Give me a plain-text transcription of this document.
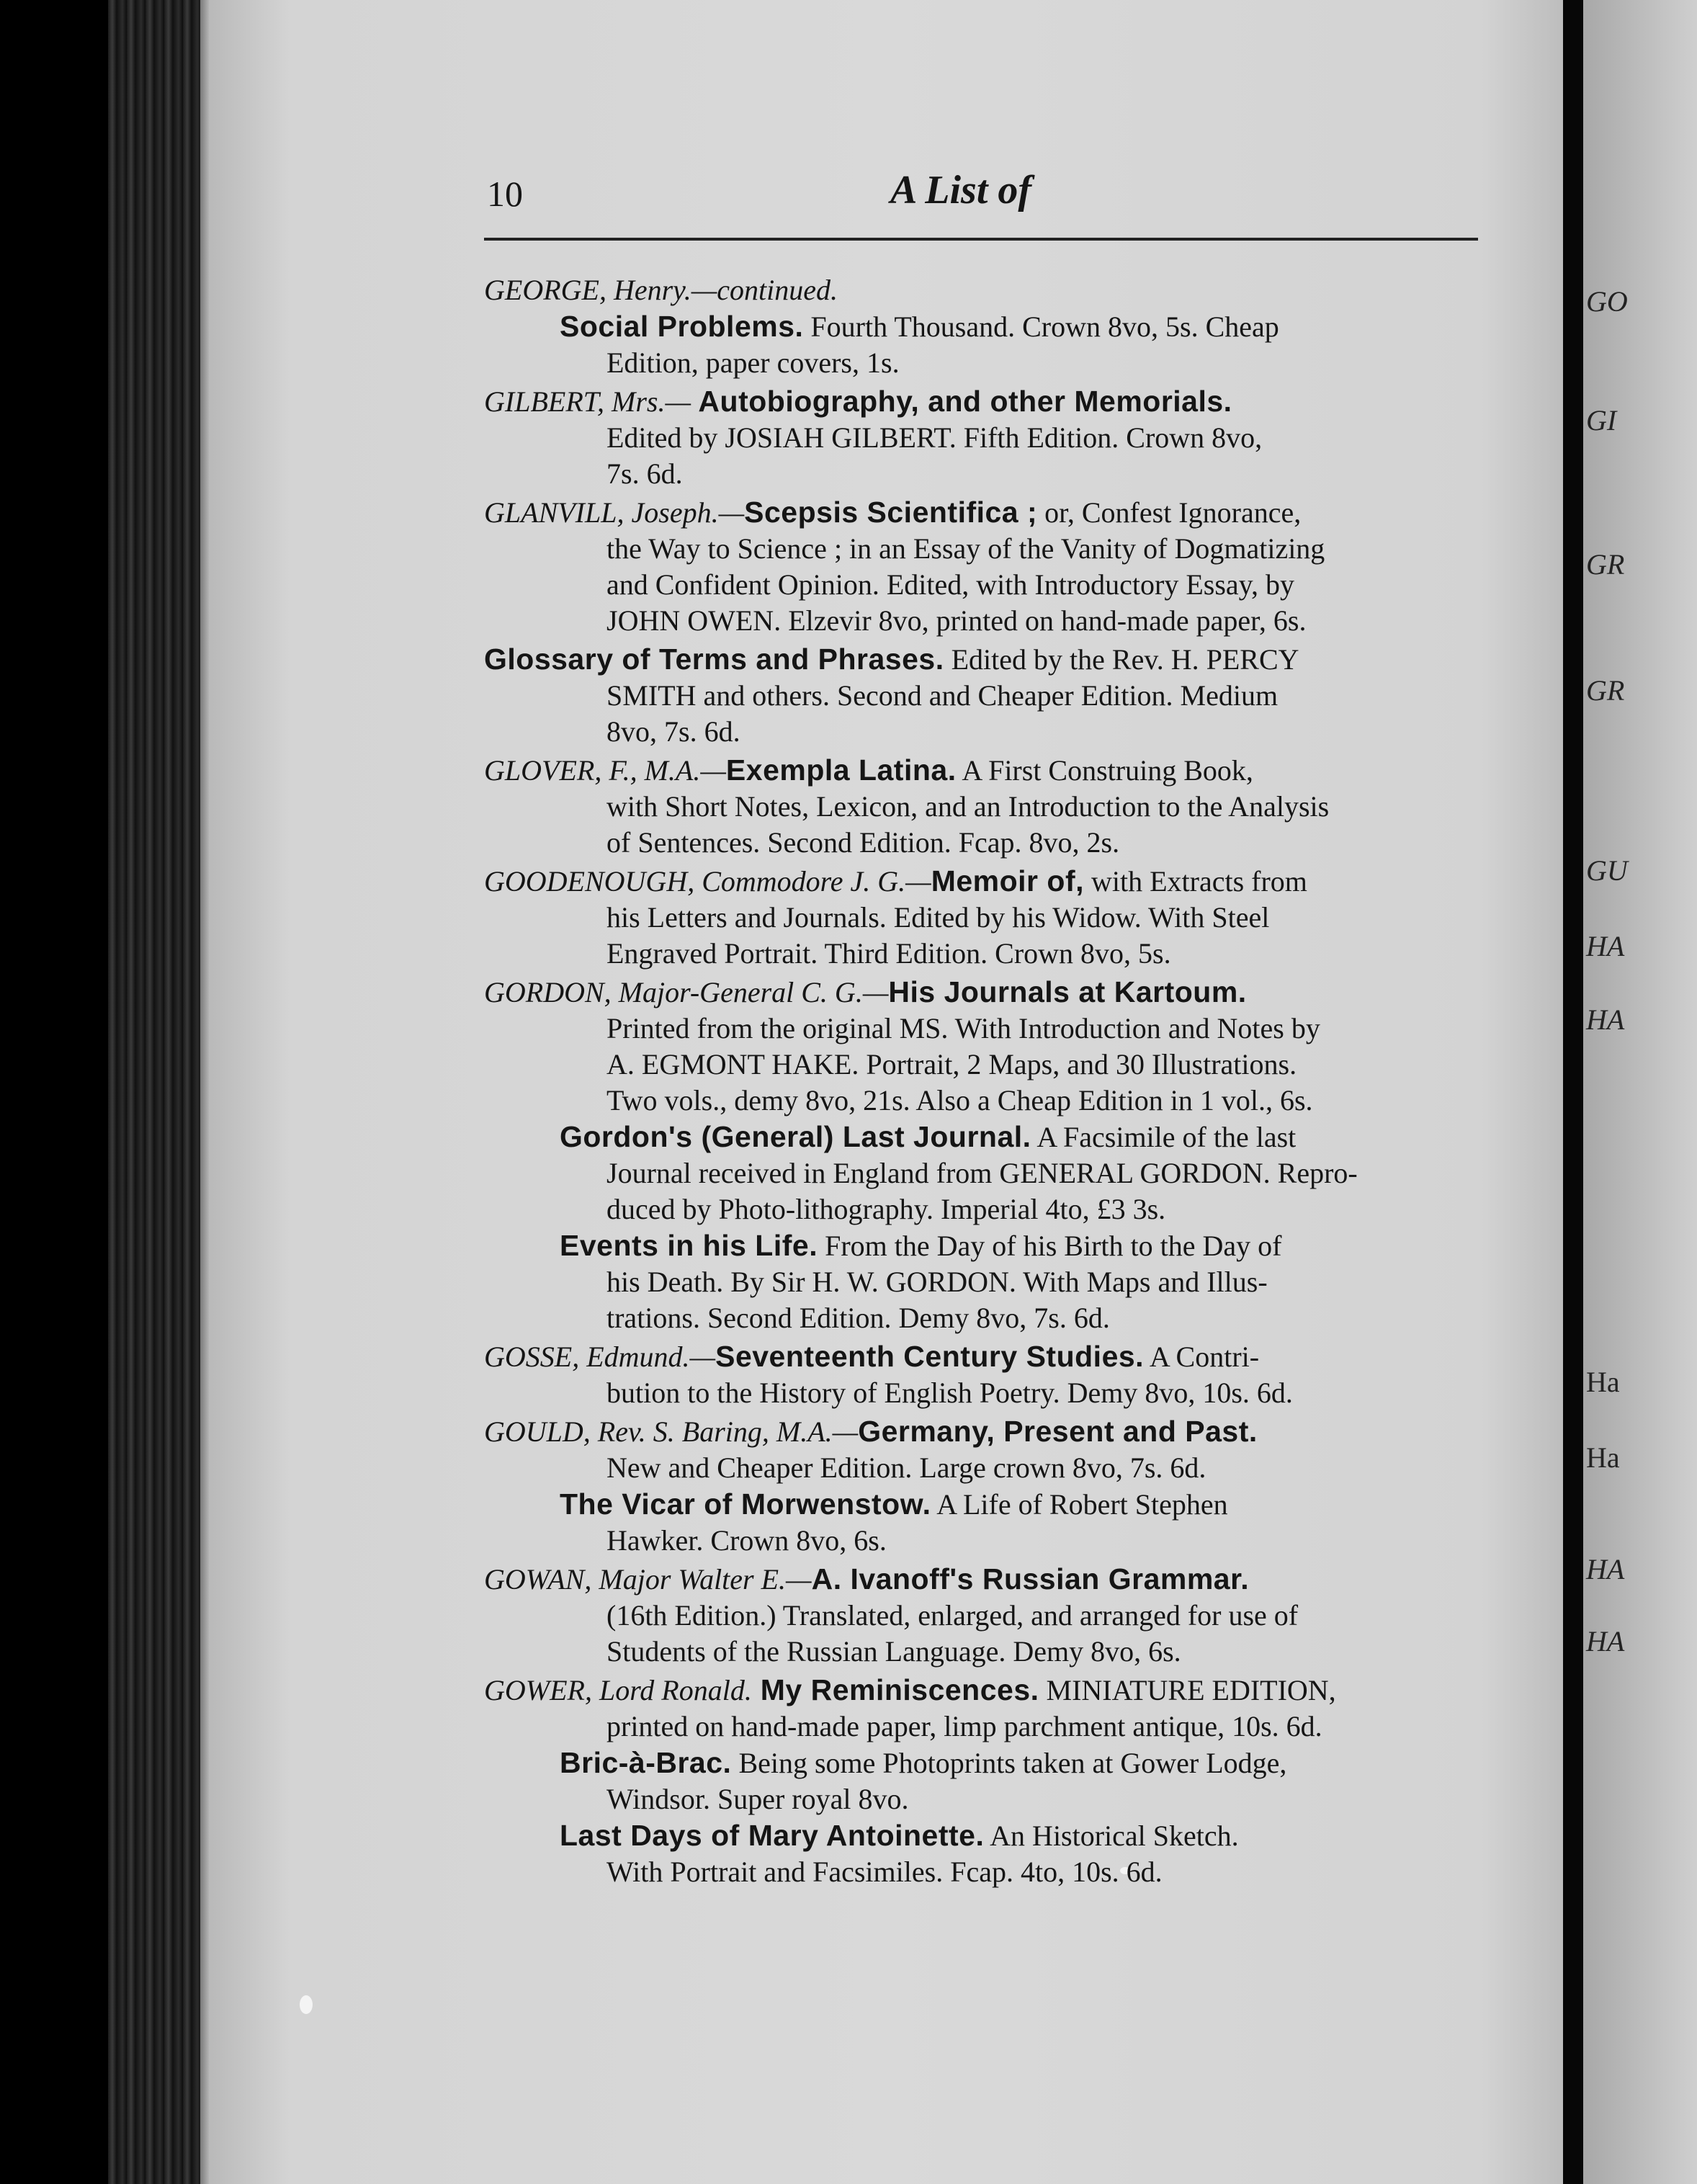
GO
GI
GR
GR
GU
HA
HA
Ha
Ha
HA
HA
10	A List of
GEORGE, Henry.—continued.
Social Problems. Fourth Thousand. Crown 8vo, 5s. Cheap
Edition, paper covers, 1s.
GILBERT, Mrs.— Autobiography, and other Memorials.
Edited by JOSIAH GILBERT. Fifth Edition. Crown 8vo,
7s. 6d.
GLANVILL, Joseph.—Scepsis Scientifica ; or, Confest Ignorance,
the Way to Science ; in an Essay of the Vanity of Dogmatizing
and Confident Opinion. Edited, with Introductory Essay, by
JOHN OWEN. Elzevir 8vo, printed on hand-made paper, 6s.
Glossary of Terms and Phrases. Edited by the Rev. H. PERCY
SMITH and others. Second and Cheaper Edition. Medium
8vo, 7s. 6d.
GLOVER, F., M.A.—Exempla Latina. A First Construing Book,
with Short Notes, Lexicon, and an Introduction to the Analysis
of Sentences. Second Edition. Fcap. 8vo, 2s.
GOODENOUGH, Commodore J. G.—Memoir of, with Extracts from
his Letters and Journals. Edited by his Widow. With Steel
Engraved Portrait. Third Edition. Crown 8vo, 5s.
GORDON, Major-General C. G.—His Journals at Kartoum.
Printed from the original MS. With Introduction and Notes by
A. EGMONT HAKE. Portrait, 2 Maps, and 30 Illustrations.
Two vols., demy 8vo, 21s. Also a Cheap Edition in 1 vol., 6s.
Gordon's (General) Last Journal. A Facsimile of the last
Journal received in England from GENERAL GORDON. Repro-
duced by Photo-lithography. Imperial 4to, £3 3s.
Events in his Life. From the Day of his Birth to the Day of
his Death. By Sir H. W. GORDON. With Maps and Illus-
trations. Second Edition. Demy 8vo, 7s. 6d.
GOSSE, Edmund.—Seventeenth Century Studies. A Contri-
bution to the History of English Poetry. Demy 8vo, 10s. 6d.
GOULD, Rev. S. Baring, M.A.—Germany, Present and Past.
New and Cheaper Edition. Large crown 8vo, 7s. 6d.
The Vicar of Morwenstow. A Life of Robert Stephen
Hawker. Crown 8vo, 6s.
GOWAN, Major Walter E.—A. Ivanoff's Russian Grammar.
(16th Edition.) Translated, enlarged, and arranged for use of
Students of the Russian Language. Demy 8vo, 6s.
GOWER, Lord Ronald. My Reminiscences. MINIATURE EDITION,
printed on hand-made paper, limp parchment antique, 10s. 6d.
Bric-à-Brac. Being some Photoprints taken at Gower Lodge,
Windsor. Super royal 8vo.
Last Days of Mary Antoinette. An Historical Sketch.
With Portrait and Facsimiles. Fcap. 4to, 10s. 6d.
